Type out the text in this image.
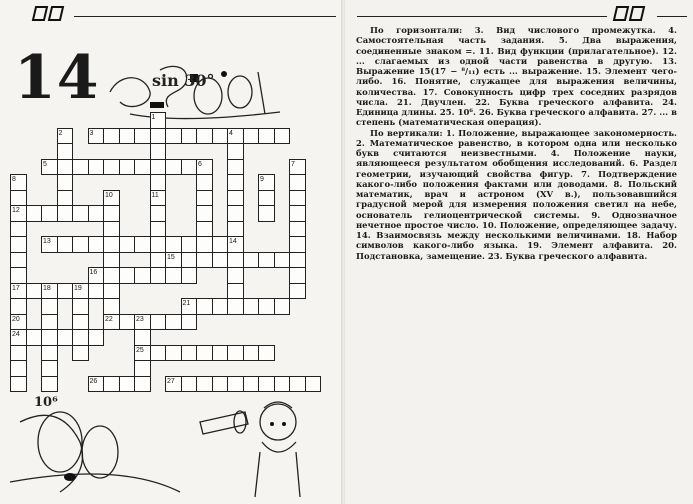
14	sin 30°
1
2	3	4
5	6	7
8	9
10	11
12
13	14
15
16
17	18	19
20
21
22	23
24
25
26	27
10⁶

По горизонтали: 3. Вид числового промежутка. 4. Самостоятельная часть задания. 5. Два выражения, соединенные знаком =. 11. Вид функции (прилагательное). 12. ... слагаемых из одной части равенства в другую. 13. Выражение 15(17 − ⁸/₁₁) есть ... выражение. 15. Элемент чего-либо. 16. Понятие, служащее для выражения величины, количества. 17. Совокупность цифр трех соседних разрядов числа. 21. Двучлен. 22. Буква греческого алфавита. 24. Единица длины. 25. 10⁶. 26. Буква греческого алфавита. 27. ... в степень (математическая операция).

По вертикали: 1. Положение, выражающее закономерность. 2. Математическое равенство, в котором одна или несколько букв считаются неизвестными. 4. Положение науки, являющееся результатом обобщения исследований. 6. Раздел геометрии, изучающий свойства фигур. 7. Подтверждение какого-либо положения фактами или доводами. 8. Польский математик, врач и астроном (XV в.), пользовавшийся градусной мерой для измерения положения светил на небе, основатель гелиоцентрической системы. 9. Однозначное нечетное простое число. 10. Положение, определяющее задачу. 14. Взаимосвязь между несколькими величинами. 18. Набор символов какого-либо языка. 19. Элемент алфавита. 20. Подстановка, замещение. 23. Буква греческого алфавита.
